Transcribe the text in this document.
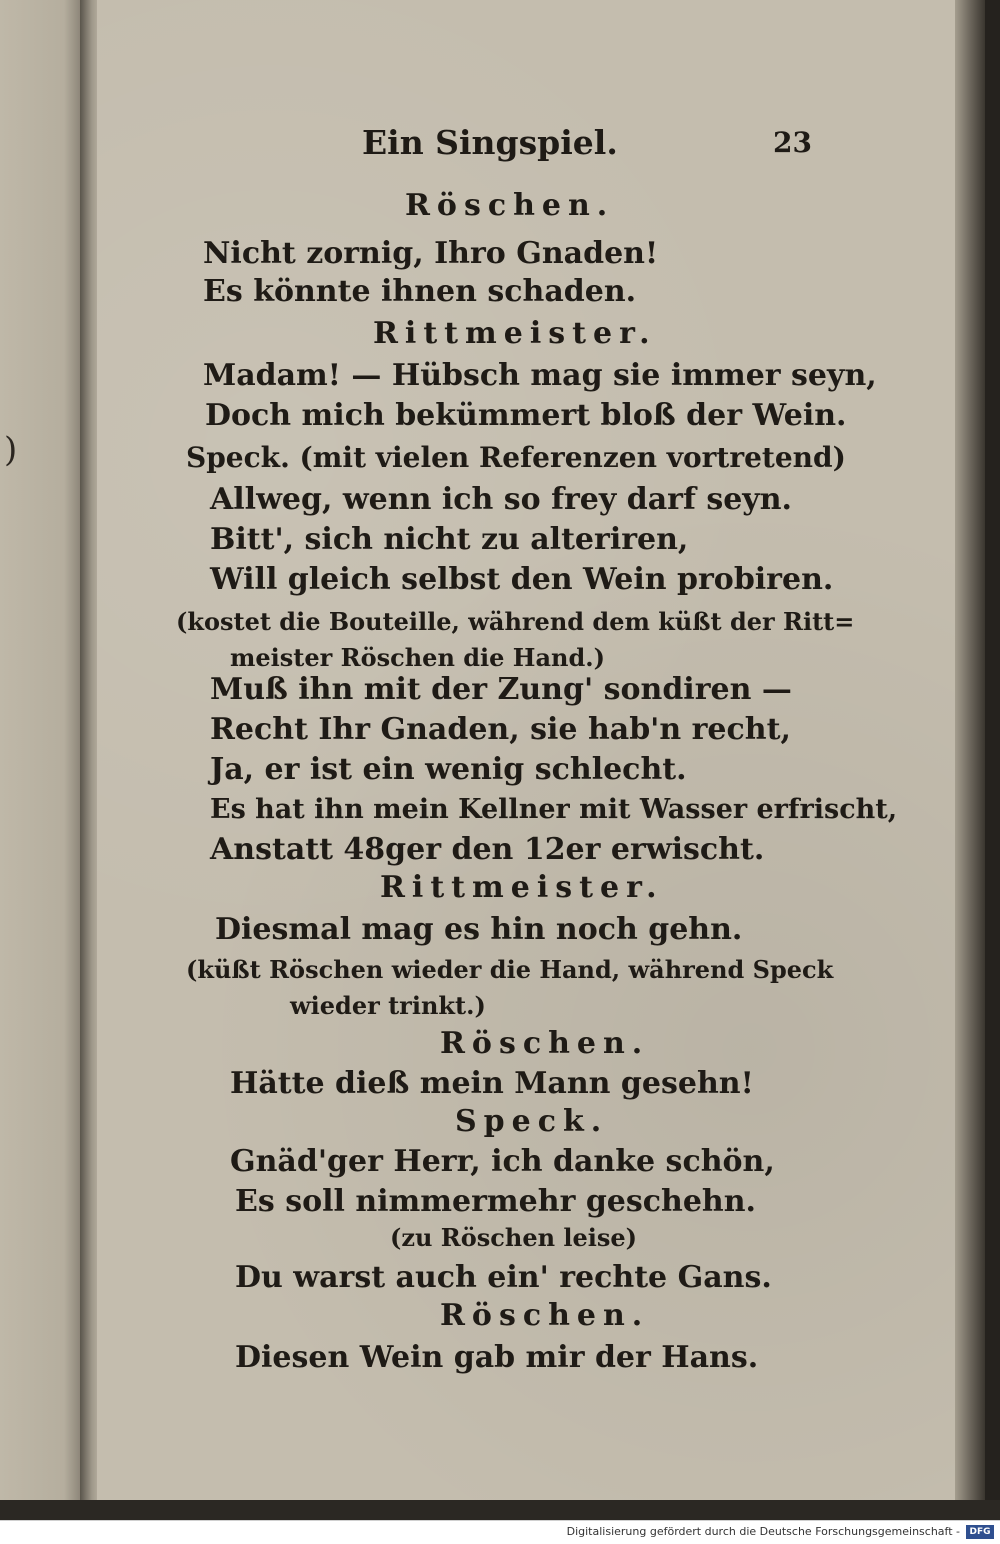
)
Ein Singspiel.	23
Röschen.
Nicht zornig, Ihro Gnaden!
Es könnte ihnen schaden.
Rittmeister.
Madam! — Hübsch mag sie immer seyn,
Doch mich bekümmert bloß der Wein.
Speck. (mit vielen Referenzen vortretend)
Allweg, wenn ich so frey darf seyn.
Bitt', sich nicht zu alteriren,
Will gleich selbst den Wein probiren.
(kostet die Bouteille, während dem küßt der Ritt=
meister Röschen die Hand.)
Muß ihn mit der Zung' sondiren —
Recht Ihr Gnaden, sie hab'n recht,
Ja, er ist ein wenig schlecht.
Es hat ihn mein Kellner mit Wasser erfrischt,
Anstatt 48ger den 12er erwischt.
Rittmeister.
Diesmal mag es hin noch gehn.
(küßt Röschen wieder die Hand, während Speck
wieder trinkt.)
Röschen.
Hätte dieß mein Mann gesehn!
Speck.
Gnäd'ger Herr, ich danke schön,
Es soll nimmermehr geschehn.
(zu Röschen leise)
Du warst auch ein' rechte Gans.
Röschen.
Diesen Wein gab mir der Hans.
Digitalisierung gefördert durch die Deutsche Forschungsgemeinschaft -	DFG
